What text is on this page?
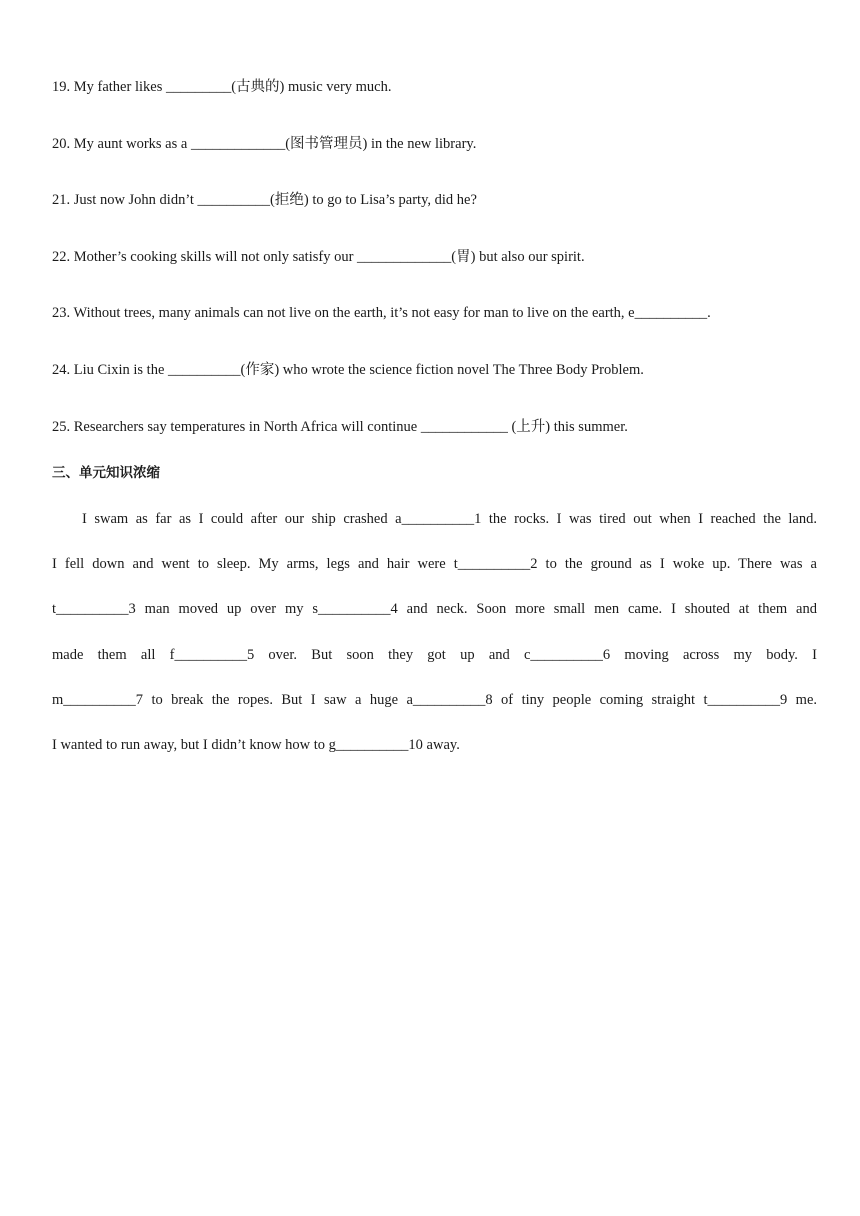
19. My father likes _________(古典的) music very much.
20. My aunt works as a _____________(图书管理员) in the new library.
21. Just now John didn’t __________(拒绝) to go to Lisa’s party, did he?
22. Mother’s cooking skills will not only satisfy our _____________(胃) but also our spirit.
23. Without trees, many animals can not live on the earth, it’s not easy for man to live on the earth, e__________.
24. Liu Cixin is the __________(作家) who wrote the science fiction novel The Three Body Problem.
25. Researchers say temperatures in North Africa will continue ____________ (上升) this summer.
三、单元知识浓缩
I swam as far as I could after our ship crashed a__________1 the rocks. I was tired out when I reached the land.
I fell down and went to sleep. My arms, legs and hair were t__________2 to the ground as I woke up. There was a
t__________3 man moved up over my s__________4 and neck. Soon more small men came. I shouted at them and
made them all f__________5 over. But soon they got up and c__________6 moving across my body. I
m__________7 to break the ropes. But I saw a huge a__________8 of tiny people coming straight t__________9 me.
I wanted to run away, but I didn’t know how to g__________10 away.
